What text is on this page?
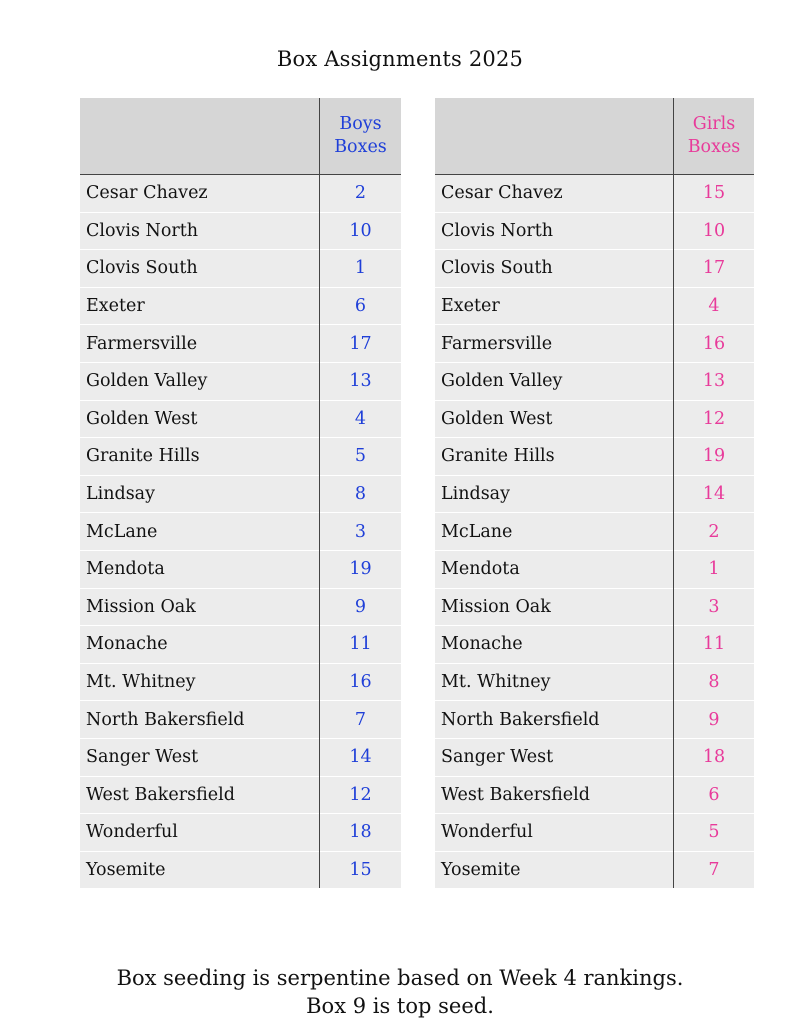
Box Assignments 2025

	Boys
Boxes

Cesar Chavez	2
Clovis North	10
Clovis South	1
Exeter	6
Farmersville	17
Golden Valley	13
Golden West	4
Granite Hills	5
Lindsay	8
McLane	3
Mendota	19
Mission Oak	9
Monache	11
Mt. Whitney	16
North Bakersfield	7
Sanger West	14
West Bakersfield	12
Wonderful	18
Yosemite	15

	Girls
Boxes

Cesar Chavez	15
Clovis North	10
Clovis South	17
Exeter	4
Farmersville	16
Golden Valley	13
Golden West	12
Granite Hills	19
Lindsay	14
McLane	2
Mendota	1
Mission Oak	3
Monache	11
Mt. Whitney	8
North Bakersfield	9
Sanger West	18
West Bakersfield	6
Wonderful	5
Yosemite	7
Box seeding is serpentine based on Week 4 rankings.
Box 9 is top seed.
